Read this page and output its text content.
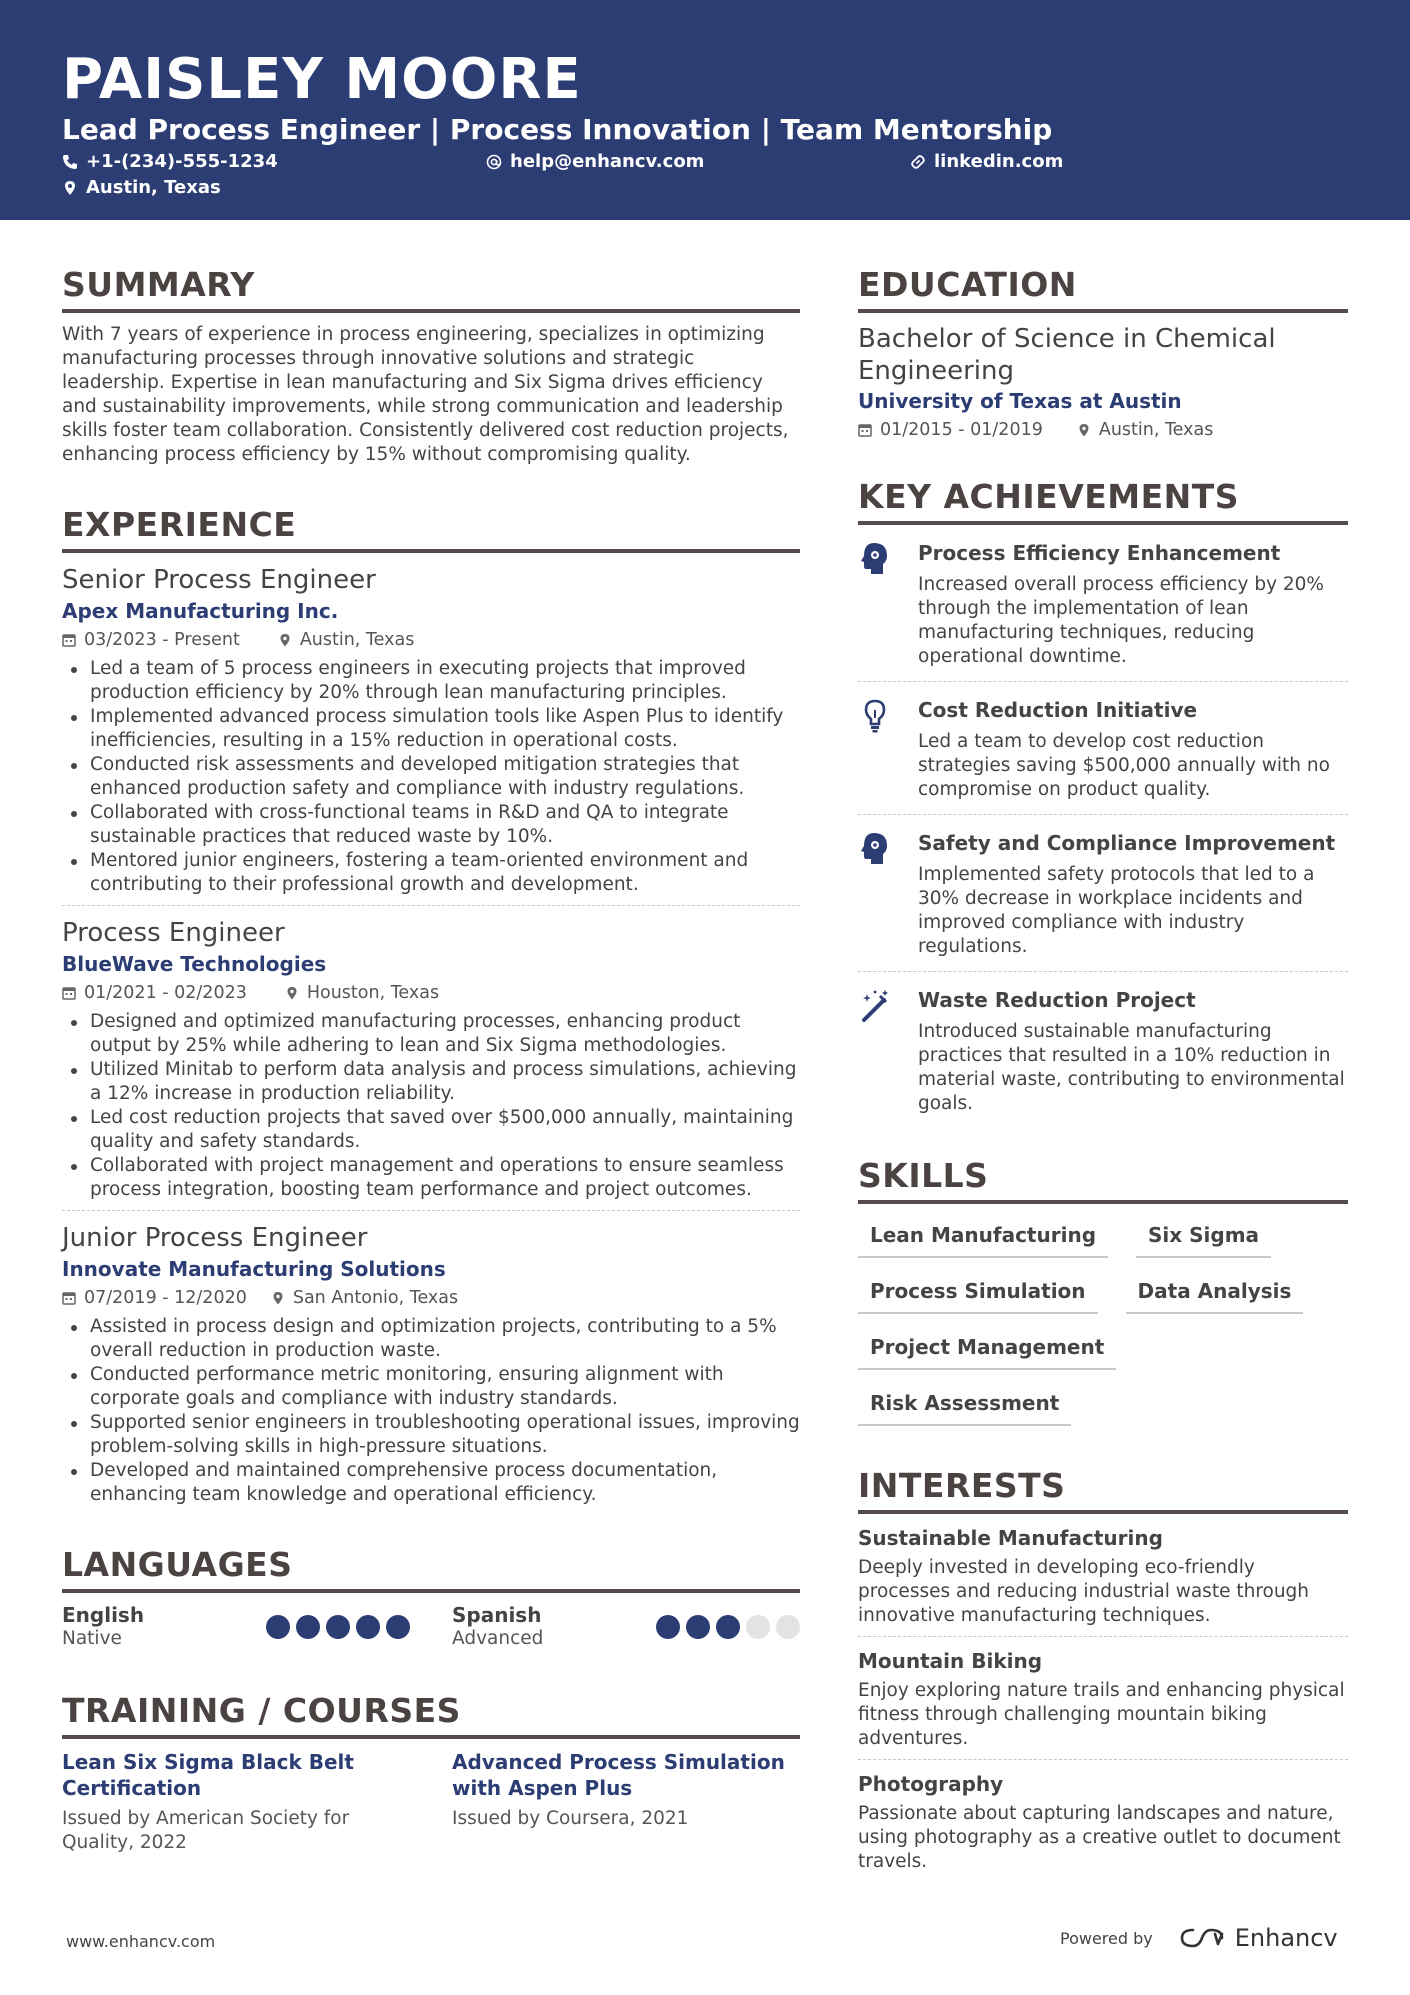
PAISLEY MOORE
Lead Process Engineer | Process Innovation | Team Mentorship
+1-(234)-555-1234	help@enhancv.com	linkedin.com
Austin, Texas
SUMMARY
With 7 years of experience in process engineering, specializes in optimizing manufacturing processes through innovative solutions and strategic leadership. Expertise in lean manufacturing and Six Sigma drives efficiency and sustainability improvements, while strong communication and leadership skills foster team collaboration. Consistently delivered cost reduction projects, enhancing process efficiency by 15% without compromising quality.
EXPERIENCE
Senior Process Engineer
Apex Manufacturing Inc.
03/2023 - Present	Austin, Texas
Led a team of 5 process engineers in executing projects that improved production efficiency by 20% through lean manufacturing principles.
Implemented advanced process simulation tools like Aspen Plus to identify inefficiencies, resulting in a 15% reduction in operational costs.
Conducted risk assessments and developed mitigation strategies that enhanced production safety and compliance with industry regulations.
Collaborated with cross-functional teams in R&D and QA to integrate sustainable practices that reduced waste by 10%.
Mentored junior engineers, fostering a team-oriented environment and contributing to their professional growth and development.
Process Engineer
BlueWave Technologies
01/2021 - 02/2023	Houston, Texas
Designed and optimized manufacturing processes, enhancing product output by 25% while adhering to lean and Six Sigma methodologies.
Utilized Minitab to perform data analysis and process simulations, achieving a 12% increase in production reliability.
Led cost reduction projects that saved over $500,000 annually, maintaining quality and safety standards.
Collaborated with project management and operations to ensure seamless process integration, boosting team performance and project outcomes.
Junior Process Engineer
Innovate Manufacturing Solutions
07/2019 - 12/2020	San Antonio, Texas
Assisted in process design and optimization projects, contributing to a 5% overall reduction in production waste.
Conducted performance metric monitoring, ensuring alignment with corporate goals and compliance with industry standards.
Supported senior engineers in troubleshooting operational issues, improving problem-solving skills in high-pressure situations.
Developed and maintained comprehensive process documentation, enhancing team knowledge and operational efficiency.
LANGUAGES
English
Native
Spanish
Advanced
TRAINING / COURSES
Lean Six Sigma Black Belt Certification
Issued by American Society for Quality, 2022
Advanced Process Simulation with Aspen Plus
Issued by Coursera, 2021
EDUCATION
Bachelor of Science in Chemical Engineering
University of Texas at Austin
01/2015 - 01/2019	Austin, Texas
KEY ACHIEVEMENTS
Process Efficiency Enhancement
Increased overall process efficiency by 20% through the implementation of lean manufacturing techniques, reducing operational downtime.
Cost Reduction Initiative
Led a team to develop cost reduction strategies saving $500,000 annually with no compromise on product quality.
Safety and Compliance Improvement
Implemented safety protocols that led to a 30% decrease in workplace incidents and improved compliance with industry regulations.
Waste Reduction Project
Introduced sustainable manufacturing practices that resulted in a 10% reduction in material waste, contributing to environmental goals.
SKILLS
Lean Manufacturing	Six Sigma
Process Simulation	Data Analysis
Project Management
Risk Assessment
INTERESTS
Sustainable Manufacturing
Deeply invested in developing eco-friendly processes and reducing industrial waste through innovative manufacturing techniques.
Mountain Biking
Enjoy exploring nature trails and enhancing physical fitness through challenging mountain biking adventures.
Photography
Passionate about capturing landscapes and nature, using photography as a creative outlet to document travels.
www.enhancv.com	Powered by	Enhancv
